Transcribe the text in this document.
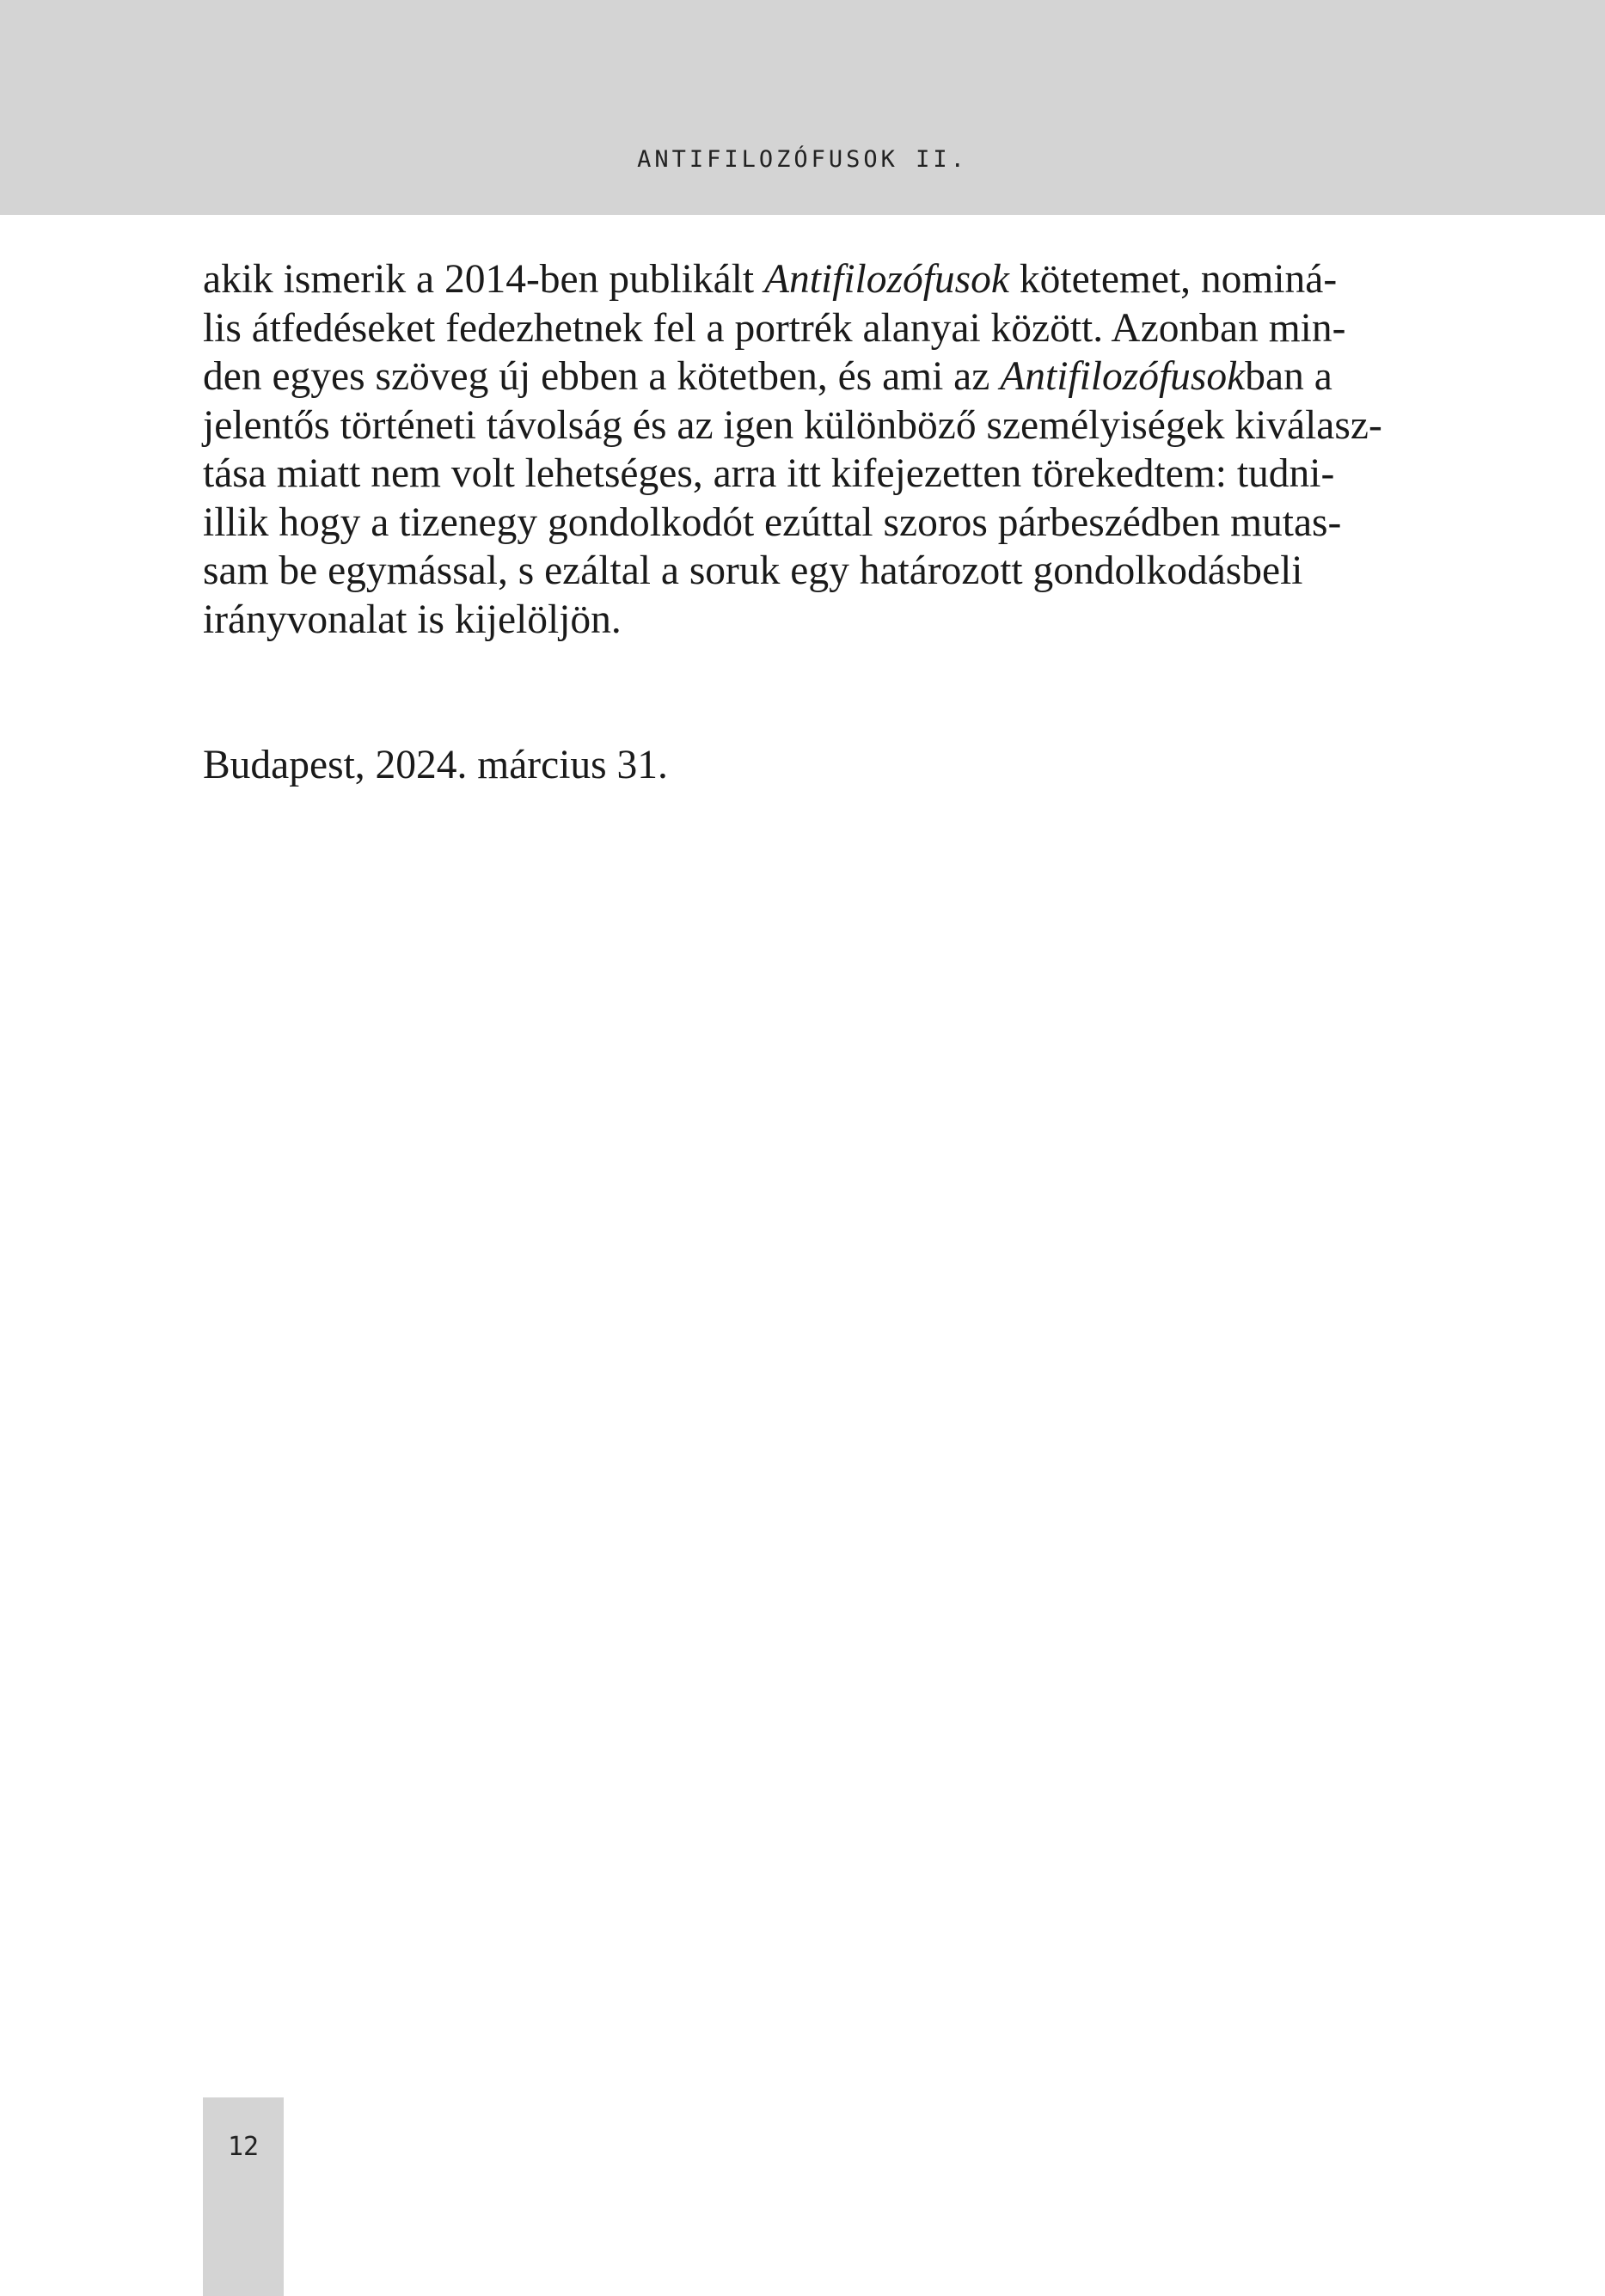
ANTIFILOZÓFUSOK II.

akik ismerik a 2014-ben publikált Antifilozófusok kötetemet, nominá-
lis átfedéseket fedezhetnek fel a portrék alanyai között. Azonban min-
den egyes szöveg új ebben a kötetben, és ami az Antifilozófusokban a
jelentős történeti távolság és az igen különböző személyiségek kiválasz-
tása miatt nem volt lehetséges, arra itt kifejezetten törekedtem: tudni-
illik hogy a tizenegy gondolkodót ezúttal szoros párbeszédben mutas-
sam be egymással, s ezáltal a soruk egy határozott gondolkodásbeli
irányvonalat is kijelöljön.

Budapest, 2024. március 31.

12
